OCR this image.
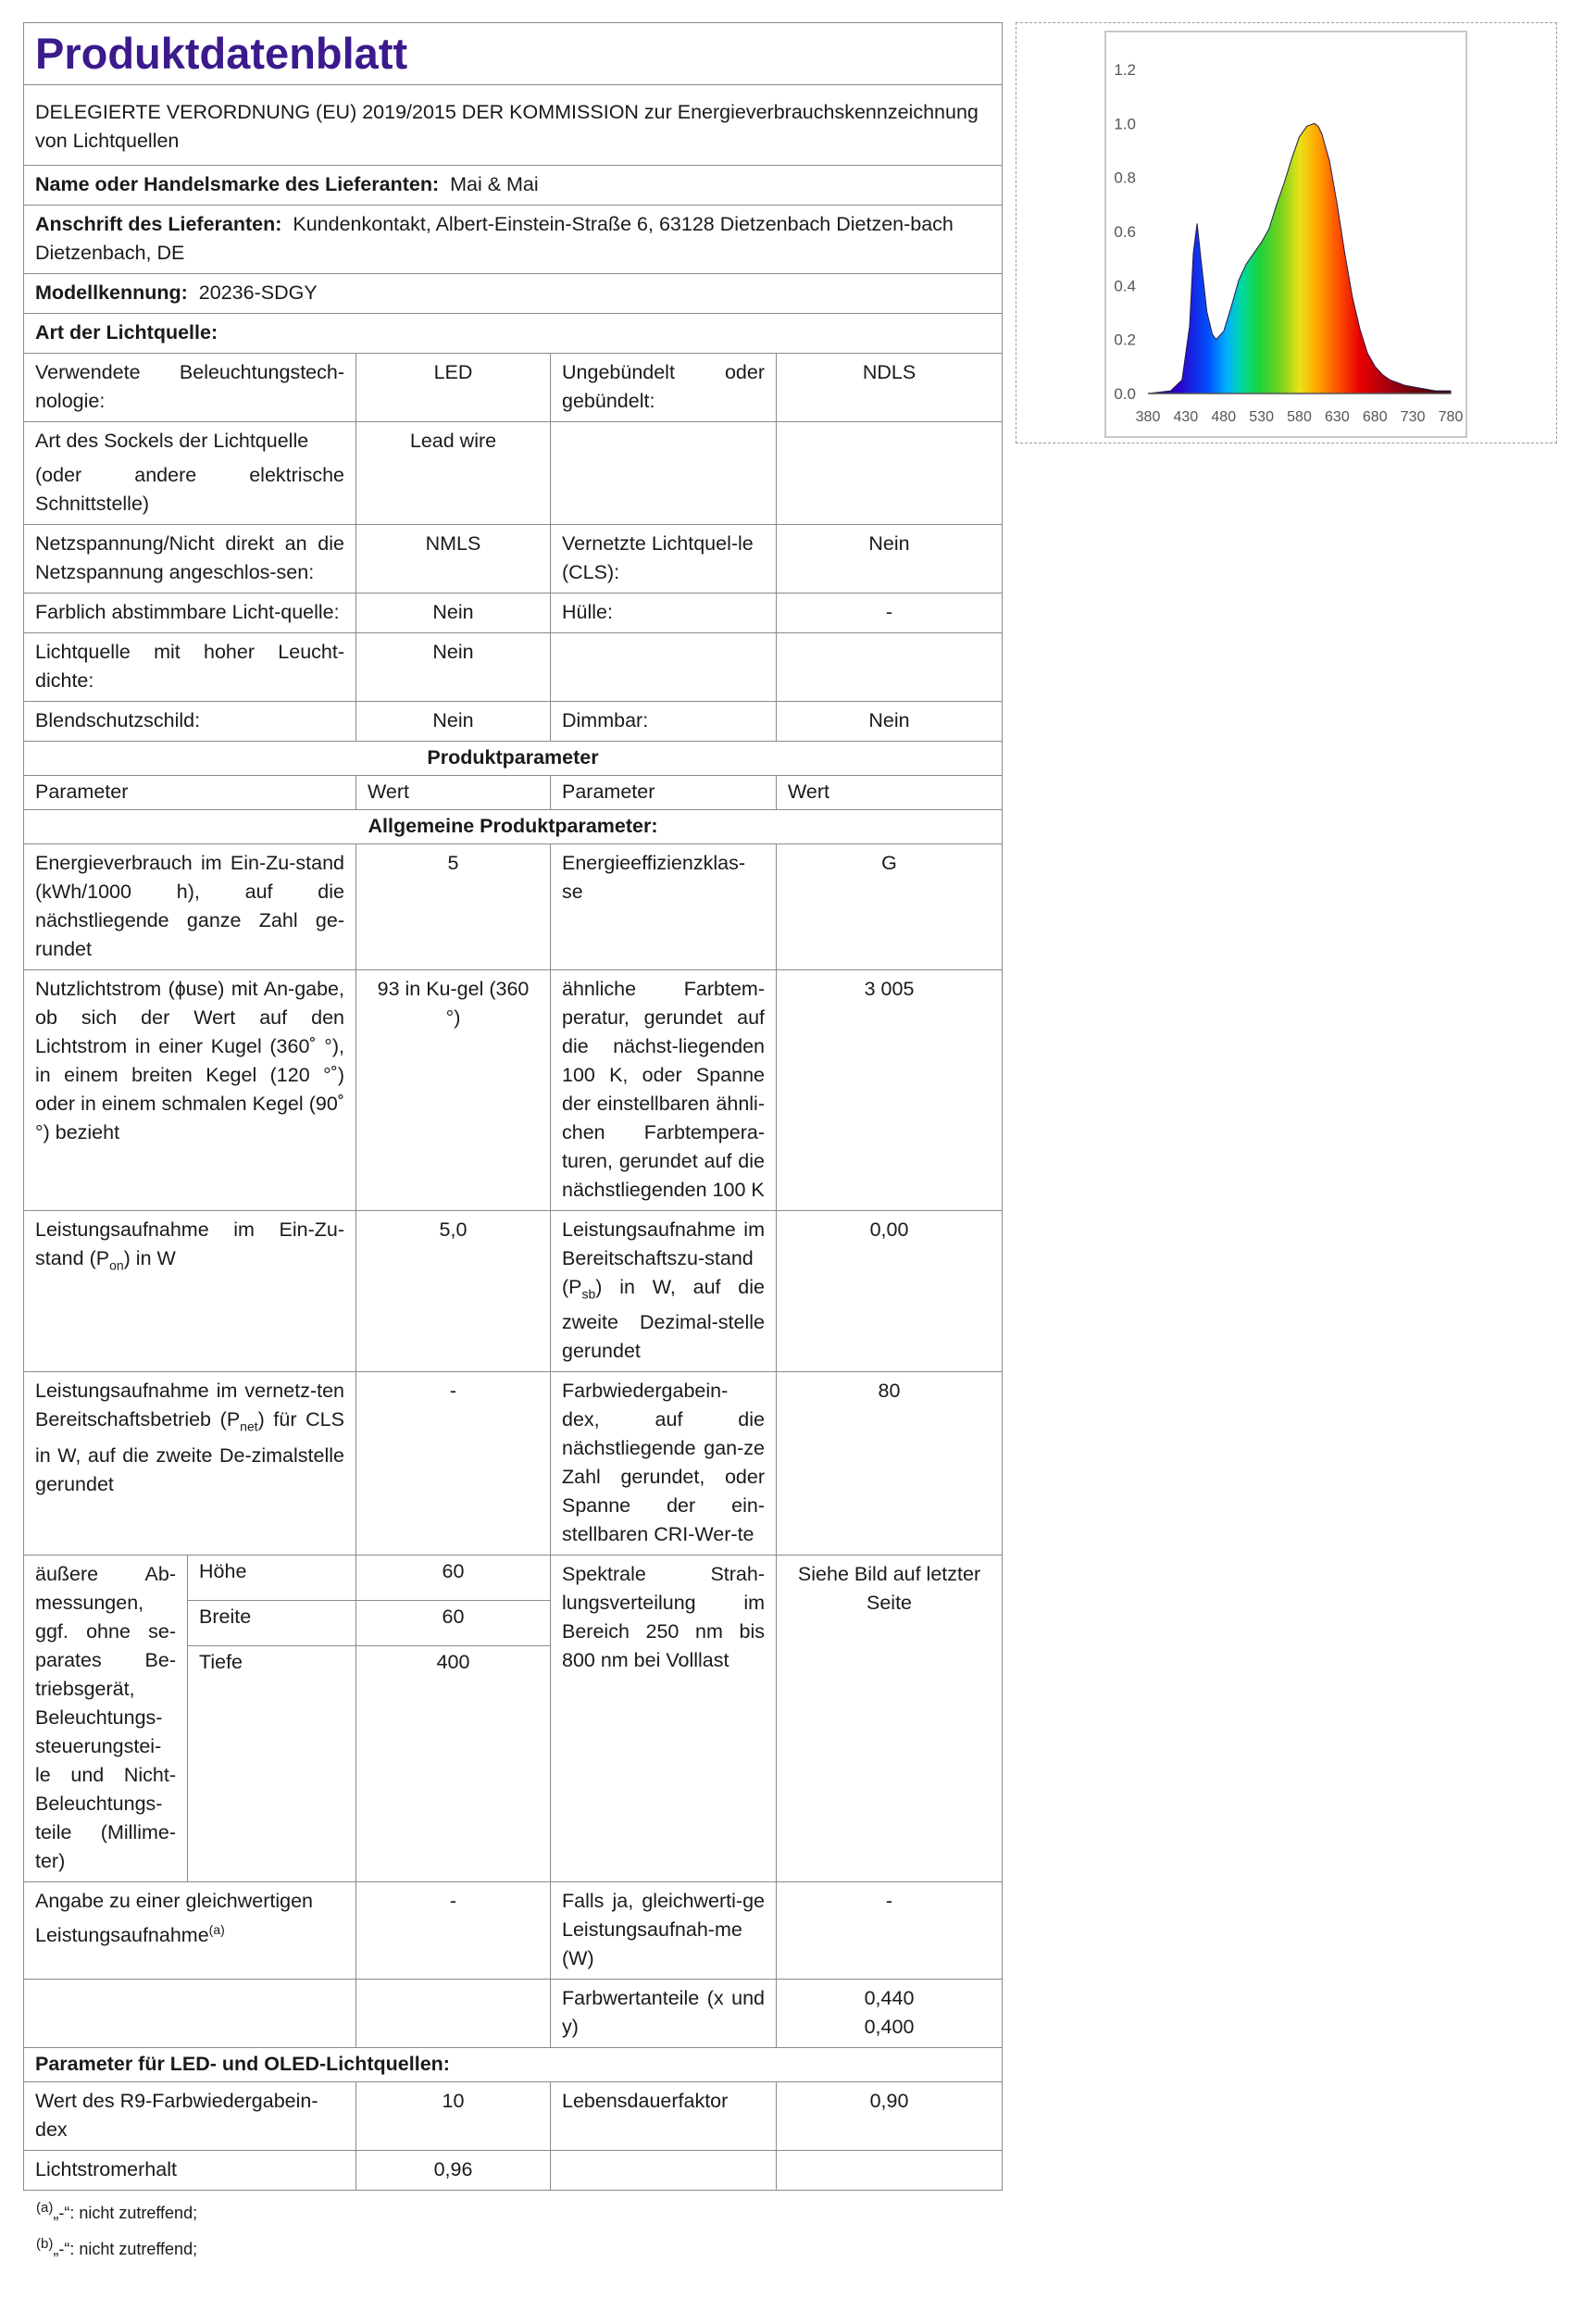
Produktdatenblatt				
DELEGIERTE VERORDNUNG (EU) 2019/2015 DER KOMMISSION zur Energieverbrauchskennzeichnung von Lichtquellen				
Name oder Handelsmarke des Lieferanten: Mai & Mai				
Anschrift des Lieferanten: Kundenkontakt, Albert-Einstein-Straße 6, 63128 Dietzenbach Dietzen-bach Dietzenbach, DE				
Modellkennung: 20236-SDGY				
Art der Lichtquelle:				
Verwendete Beleuchtungstech-nologie:		LED	Ungebündelt oder gebündelt:	NDLS

Art des Sockels der Lichtquelle
(oder andere elektrische Schnittstelle)		Lead wire		
Netzspannung/Nicht direkt an die Netzspannung angeschlos-sen:		NMLS	Vernetzte Lichtquel-le (CLS):	Nein
Farblich abstimmbare Licht-quelle:		Nein	Hülle:	-
Lichtquelle mit hoher Leucht-dichte:		Nein		
Blendschutzschild:		Nein	Dimmbar:	Nein
Produktparameter				
Parameter		Wert	Parameter	Wert
Allgemeine Produktparameter:				
Energieverbrauch im Ein-Zu-stand (kWh/1000 h), auf die nächstliegende ganze Zahl ge-rundet		5	Energieeffizienzklas-se	G
Nutzlichtstrom (ɸuse) mit An-gabe, ob sich der Wert auf den Lichtstrom in einer Kugel (360˚ °), in einem breiten Kegel (120 °˚) oder in einem schmalen Kegel (90˚ °) bezieht		93 in Ku-gel (360 °)	ähnliche Farbtem-peratur, gerundet auf die nächst-liegenden 100 K, oder Spanne der einstellbaren ähnli-chen Farbtempera-turen, gerundet auf die nächstliegenden 100 K	3 005
Leistungsaufnahme im Ein-Zu-stand $(P_{on})$ in W		5,0	Leistungsaufnahme im Bereitschaftszu-stand $(P_{sb})$ in W, auf die zweite Dezimal-stelle gerundet	0,00
Leistungsaufnahme im vernetz-ten Bereitschaftsbetrieb $(P_{net})$ für CLS in W, auf die zweite De-zimalstelle gerundet		-	Farbwiedergabein-dex, auf die nächstliegende gan-ze Zahl gerundet, oder Spanne der ein-stellbaren CRI-Wer-te	80
äußere Ab-messungen, ggf. ohne se-parates Be-triebsgerät, Beleuchtungs-steuerungstei-le und Nicht-Beleuchtungs-teile (Millime-ter)	Höhe	60	Spektrale Strah-lungsverteilung im Bereich 250 nm bis 800 nm bei Volllast	Siehe Bild auf letzter Seite
	Breite	60		
	Tiefe	400		
Angabe zu einer gleichwertigen Leistungsaufnahme$^{(a)}$		-	Falls ja, gleichwerti-ge Leistungsaufnah-me (W)	-
			Farbwertanteile (x und y)	0,440
0,400

Parameter für LED- und OLED-Lichtquellen:				
Wert des R9-Farbwiedergabein-dex		10	Lebensdauerfaktor	0,90
Lichtstromerhalt		0,96		
$^{(a)}$„-“: nicht zutreffend;
$^{(b)}$„-“: nicht zutreffend;
0.0
0.2
0.4
0.6
0.8
1.0
1.2
380 430 480 530 580 630 680 730 780
